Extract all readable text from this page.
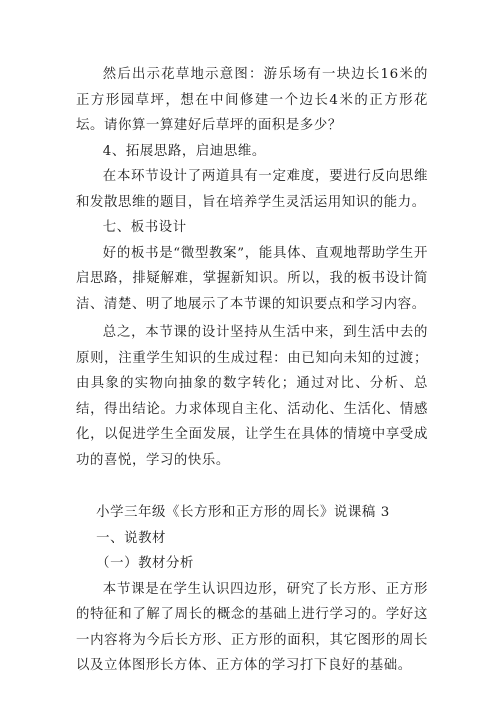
然后出示花草地示意图：游乐场有一块边长16米的正方形园草坪，想在中间修建一个边长4米的正方形花坛。请你算一算建好后草坪的面积是多少？

4、拓展思路，启迪思维。

在本环节设计了两道具有一定难度，要进行反向思维和发散思维的题目，旨在培养学生灵活运用知识的能力。

七、板书设计

好的板书是“微型教案”，能具体、直观地帮助学生开启思路，排疑解难，掌握新知识。所以，我的板书设计简洁、清楚、明了地展示了本节课的知识要点和学习内容。

总之，本节课的设计坚持从生活中来，到生活中去的原则，注重学生知识的生成过程：由已知向未知的过渡；由具象的实物向抽象的数字转化；通过对比、分析、总结，得出结论。力求体现自主化、活动化、生活化、情感化，以促进学生全面发展，让学生在具体的情境中享受成功的喜悦，学习的快乐。

小学三年级《长方形和正方形的周长》说课稿 3

一、说教材

（一）教材分析

本节课是在学生认识四边形，研究了长方形、正方形的特征和了解了周长的概念的基础上进行学习的。学好这一内容将为今后长方形、正方形的面积，其它图形的周长以及立体图形长方体、正方体的学习打下良好的基础。
